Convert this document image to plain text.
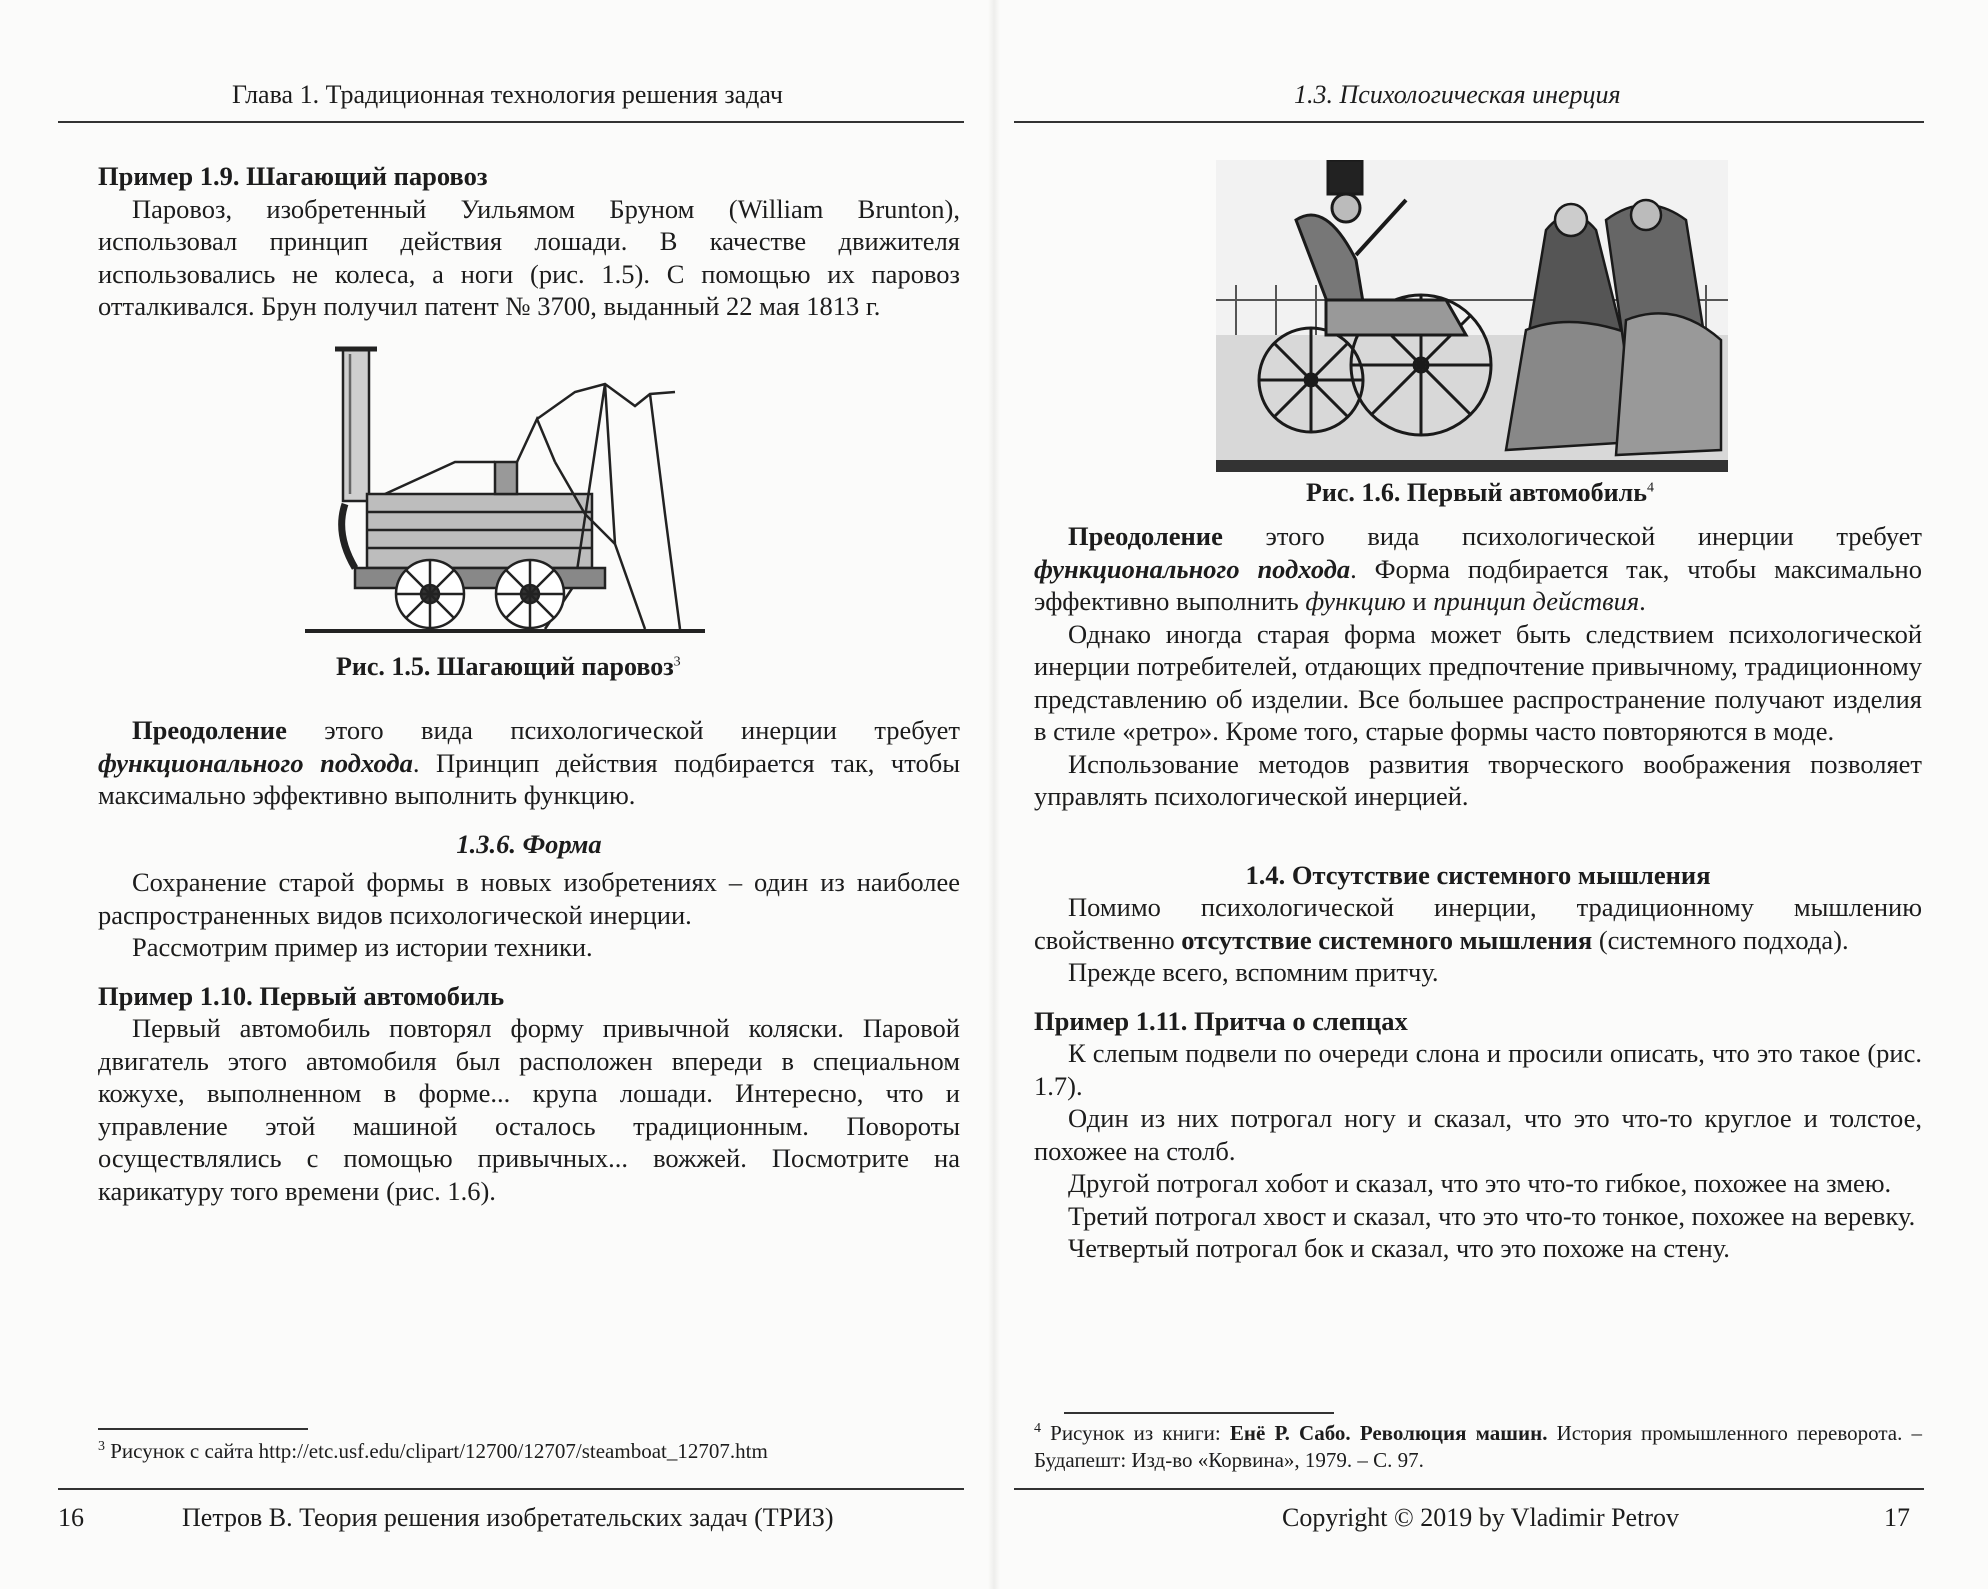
Глава 1. Традиционная технология решения задач

Пример 1.9. Шагающий паровоз

Паровоз, изобретенный Уильямом Бруном (William Brunton), использовал принцип действия лошади. В качестве движителя использовались не колеса, а ноги (рис. 1.5). С помощью их паровоз отталкивался. Брун получил патент № 3700, выданный 22 мая 1813 г.

Рис. 1.5. Шагающий паровоз$^3$

Преодоление этого вида психологической инерции требует функционального подхода. Принцип действия подбирается так, чтобы максимально эффективно выполнить функцию.

1.3.6. Форма

Сохранение старой формы в новых изобретениях – один из наиболее распространенных видов психологической инерции.

Рассмотрим пример из истории техники.

Пример 1.10. Первый автомобиль

Первый автомобиль повторял форму привычной коляски. Паровой двигатель этого автомобиля был расположен впереди в специальном кожухе, выполненном в форме... крупа лошади. Интересно, что и управление этой машиной осталось традиционным. Повороты осуществлялись с помощью привычных... вожжей. Посмотрите на карикатуру того времени (рис. 1.6).

$^3$ Рисунок с сайта http://etc.usf.edu/clipart/12700/12707/steamboat_12707.htm
16	Петров В. Теория решения изобретательских задач (ТРИЗ)
1.3. Психологическая инерция
Рис. 1.6. Первый автомобиль$^4$

Преодоление этого вида психологической инерции требует функционального подхода. Форма подбирается так, чтобы максимально эффективно выполнить функцию и принцип действия.

Однако иногда старая форма может быть следствием психологической инерции потребителей, отдающих предпочтение привычному, традиционному представлению об изделии. Все большее распространение получают изделия в стиле «ретро». Кроме того, старые формы часто повторяются в моде.

Использование методов развития творческого воображения позволяет управлять психологической инерцией.

1.4. Отсутствие системного мышления

Помимо психологической инерции, традиционному мышлению свойственно отсутствие системного мышления (системного подхода).

Прежде всего, вспомним притчу.

Пример 1.11. Притча о слепцах

К слепым подвели по очереди слона и просили описать, что это такое (рис. 1.7).

Один из них потрогал ногу и сказал, что это что-то круглое и толстое, похожее на столб.

Другой потрогал хобот и сказал, что это что-то гибкое, похожее на змею.

Третий потрогал хвост и сказал, что это что-то тонкое, похожее на веревку.

Четвертый потрогал бок и сказал, что это похоже на стену.

$^4$ Рисунок из книги: Енё Р. Сабо. Революция машин. История промышленного переворота. – Будапешт: Изд-во «Корвина», 1979. – С. 97.
Copyright © 2019 by Vladimir Petrov	17
